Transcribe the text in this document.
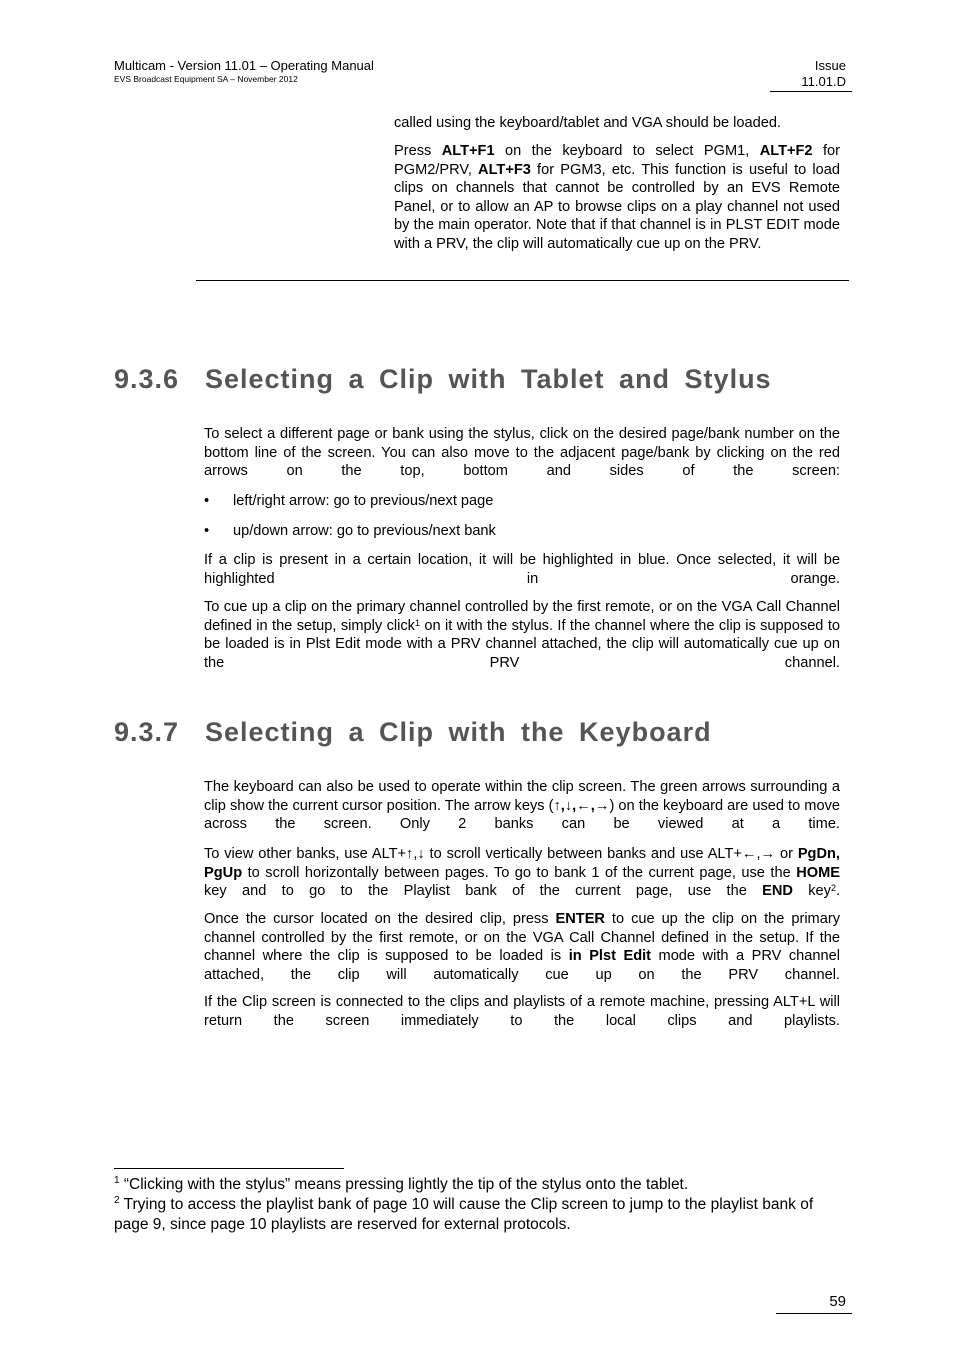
Multicam - Version 11.01 – Operating Manual
EVS Broadcast Equipment SA – November 2012
Issue
11.01.D
called using the keyboard/tablet and VGA should be loaded.
Press ALT+F1 on the keyboard to select PGM1, ALT+F2 for PGM2/PRV, ALT+F3 for PGM3, etc. This function is useful to load clips on channels that cannot be controlled by an EVS Remote Panel, or to allow an AP to browse clips on a play channel not used by the main operator. Note that if that channel is in PLST EDIT mode with a PRV, the clip will automatically cue up on the PRV.
9.3.6 Selecting a Clip with Tablet and Stylus
To select a different page or bank using the stylus, click on the desired page/bank number on the bottom line of the screen. You can also move to the adjacent page/bank by clicking on the red arrows on the top, bottom and sides of the screen:
• left/right arrow: go to previous/next page
• up/down arrow: go to previous/next bank
If a clip is present in a certain location, it will be highlighted in blue. Once selected, it will be highlighted in orange.
To cue up a clip on the primary channel controlled by the first remote, or on the VGA Call Channel defined in the setup, simply click$^1$ on it with the stylus. If the channel where the clip is supposed to be loaded is in Plst Edit mode with a PRV channel attached, the clip will automatically cue up on the PRV channel.
9.3.7 Selecting a Clip with the Keyboard
The keyboard can also be used to operate within the clip screen. The green arrows surrounding a clip show the current cursor position. The arrow keys (↑,↓,←,→) on the keyboard are used to move across the screen. Only 2 banks can be viewed at a time.
To view other banks, use ALT+↑,↓ to scroll vertically between banks and use ALT+←,→ or PgDn, PgUp to scroll horizontally between pages. To go to bank 1 of the current page, use the HOME key and to go to the Playlist bank of the current page, use the END key$^2$.
Once the cursor located on the desired clip, press ENTER to cue up the clip on the primary channel controlled by the first remote, or on the VGA Call Channel defined in the setup. If the channel where the clip is supposed to be loaded is in Plst Edit mode with a PRV channel attached, the clip will automatically cue up on the PRV channel.
If the Clip screen is connected to the clips and playlists of a remote machine, pressing ALT+L will return the screen immediately to the local clips and playlists.
$^1$ “Clicking with the stylus” means pressing lightly the tip of the stylus onto the tablet.
$^2$ Trying to access the playlist bank of page 10 will cause the Clip screen to jump to the playlist bank of page 9, since page 10 playlists are reserved for external protocols.
59
